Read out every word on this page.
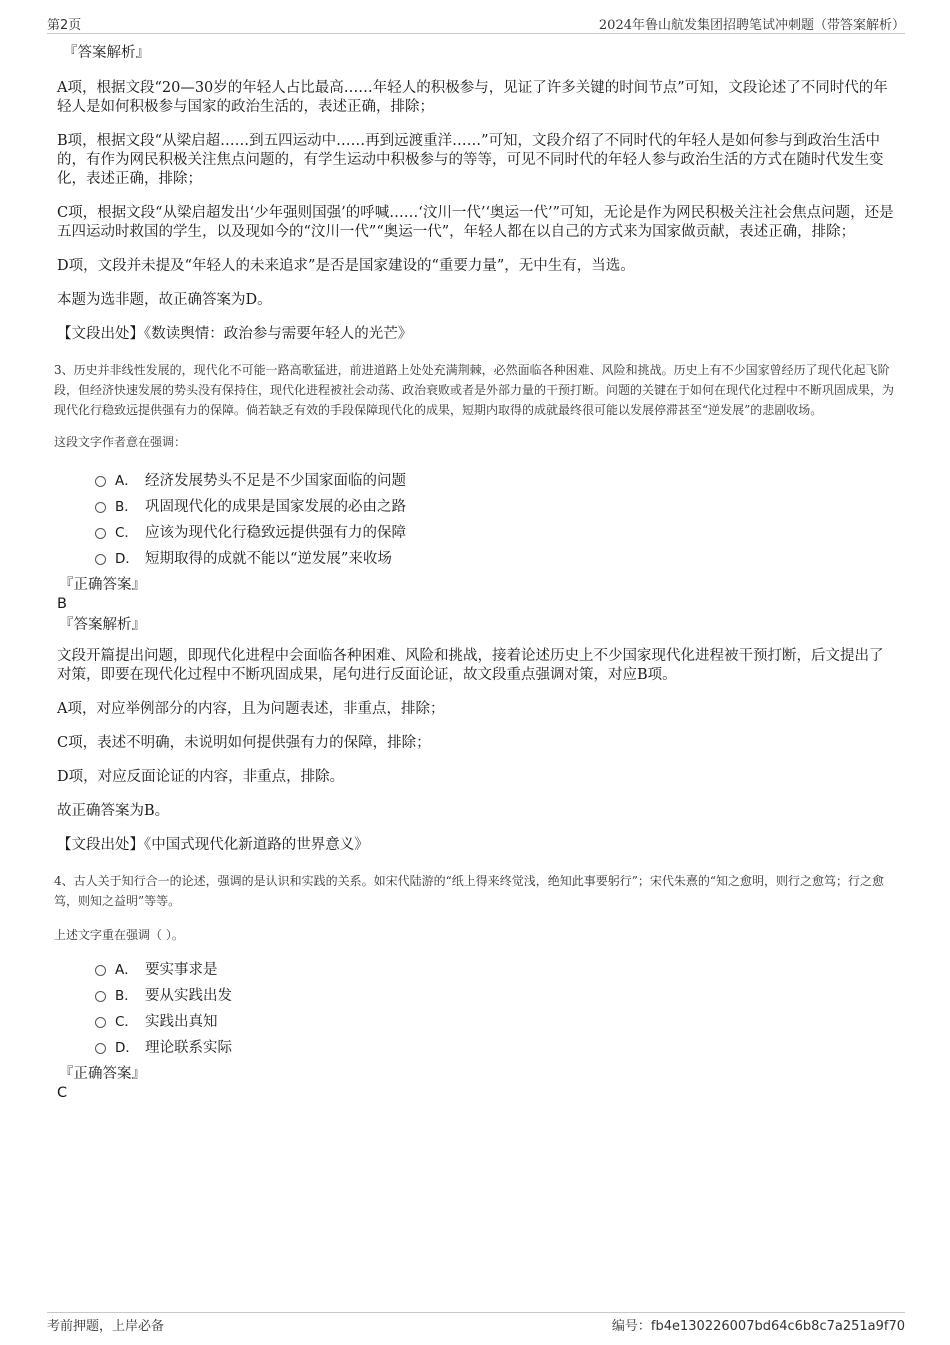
第2页	2024年鲁山航发集团招聘笔试冲刺题（带答案解析）
『答案解析』
A项，根据文段“20—30岁的年轻人占比最高……年轻人的积极参与，见证了许多关键的时间节点”可知，文段论述了不同时代的年轻人是如何积极参与国家的政治生活的，表述正确，排除；
B项，根据文段“从梁启超……到五四运动中……再到远渡重洋……”可知，文段介绍了不同时代的年轻人是如何参与到政治生活中的，有作为网民积极关注焦点问题的，有学生运动中积极参与的等等，可见不同时代的年轻人参与政治生活的方式在随时代发生变化，表述正确，排除；
C项，根据文段“从梁启超发出‘少年强则国强’的呼喊……‘汶川一代’‘奥运一代’”可知，无论是作为网民积极关注社会焦点问题，还是五四运动时救国的学生，以及现如今的“汶川一代”“奥运一代”，年轻人都在以自己的方式来为国家做贡献，表述正确，排除；
D项，文段并未提及“年轻人的未来追求”是否是国家建设的“重要力量”，无中生有，当选。
本题为选非题，故正确答案为D。
【文段出处】《数读舆情：政治参与需要年轻人的光芒》
3、历史并非线性发展的，现代化不可能一路高歌猛进，前进道路上处处充满荆棘，必然面临各种困难、风险和挑战。历史上有不少国家曾经历了现代化起飞阶段，但经济快速发展的势头没有保持住，现代化进程被社会动荡、政治衰败或者是外部力量的干预打断。问题的关键在于如何在现代化过程中不断巩固成果，为现代化行稳致远提供强有力的保障。倘若缺乏有效的手段保障现代化的成果，短期内取得的成就最终很可能以发展停滞甚至“逆发展”的悲剧收场。
这段文字作者意在强调：
A． 经济发展势头不足是不少国家面临的问题
B． 巩固现代化的成果是国家发展的必由之路
C． 应该为现代化行稳致远提供强有力的保障
D． 短期取得的成就不能以“逆发展”来收场
『正确答案』
B
『答案解析』
文段开篇提出问题，即现代化进程中会面临各种困难、风险和挑战，接着论述历史上不少国家现代化进程被干预打断，后文提出了对策，即要在现代化过程中不断巩固成果，尾句进行反面论证，故文段重点强调对策，对应B项。
A项，对应举例部分的内容，且为问题表述，非重点，排除；
C项，表述不明确，未说明如何提供强有力的保障，排除；
D项，对应反面论证的内容，非重点，排除。
故正确答案为B。
【文段出处】《中国式现代化新道路的世界意义》
4、古人关于知行合一的论述，强调的是认识和实践的关系。如宋代陆游的“纸上得来终觉浅，绝知此事要躬行”；宋代朱熹的“知之愈明，则行之愈笃；行之愈笃，则知之益明”等等。
上述文字重在强调（ ）。
A． 要实事求是
B． 要从实践出发
C． 实践出真知
D． 理论联系实际
『正确答案』
C
考前押题，上岸必备	编号：fb4e130226007bd64c6b8c7a251a9f70
